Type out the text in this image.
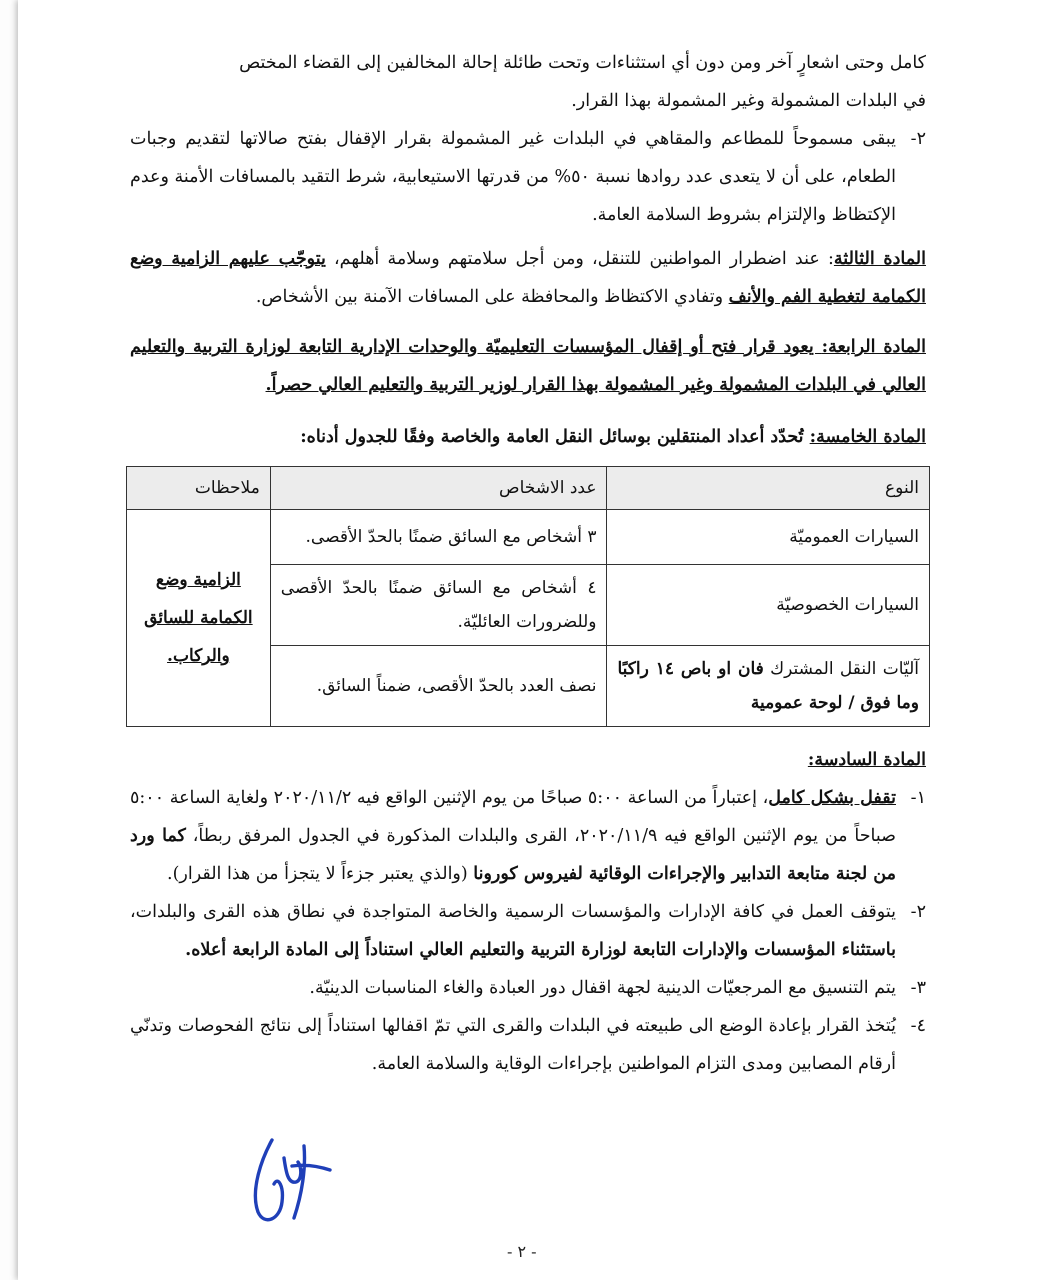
كامل وحتى اشعارٍ آخر ومن دون أي استثناءات وتحت طائلة إحالة المخالفين إلى القضاء المختص

في البلدات المشمولة وغير المشمولة بهذا القرار.

٢-
يبقى مسموحاً للمطاعم والمقاهي في البلدات غير المشمولة بقرار الإقفال بفتح صالاتها لتقديم وجبات الطعام، على أن لا يتعدى عدد روادها نسبة ٥٠% من قدرتها الاستيعابية، شرط التقيد بالمسافات الأمنة وعدم الإكتظاظ والإلتزام بشروط السلامة العامة.

المادة الثالثة: عند اضطرار المواطنين للتنقل، ومن أجل سلامتهم وسلامة أهلهم، يتوجّب عليهم الزامية وضع الكمامة لتغطية الفم والأنف وتفادي الاكتظاظ والمحافظة على المسافات الآمنة بين الأشخاص.

المادة الرابعة: يعود قرار فتح أو إقفال المؤسسات التعليميّة والوحدات الإدارية التابعة لوزارة التربية والتعليم العالي في البلدات المشمولة وغير المشمولة بهذا القرار لوزير التربية والتعليم العالي حصراً.

المادة الخامسة: تُحدّد أعداد المنتقلين بوسائل النقل العامة والخاصة وفقًا للجدول أدناه:

النوع	عدد الاشخاص	ملاحظات
السيارات العموميّة	٣ أشخاص مع السائق ضمنًا بالحدّ الأقصى.	الزامية وضع الكمامة للسائق والركاب.
السيارات الخصوصيّة	٤ أشخاص مع السائق ضمنًا بالحدّ الأقصى وللضرورات العائليّة.	
آليّات النقل المشترك فان او باص ١٤ راكبًا وما فوق / لوحة عمومية	نصف العدد بالحدّ الأقصى، ضمناً السائق.	

المادة السادسة:

١-
تقفل بشكل كامل، إعتباراً من الساعة ٥:٠٠ صباحًا من يوم الإثنين الواقع فيه ٢٠٢٠/١١/٢ ولغاية الساعة ٥:٠٠ صباحاً من يوم الإثنين الواقع فيه ٢٠٢٠/١١/٩، القرى والبلدات المذكورة في الجدول المرفق ربطاً، كما ورد من لجنة متابعة التدابير والإجراءات الوقائية لفيروس كورونا (والذي يعتبر جزءاً لا يتجزأ من هذا القرار).
٢-
يتوقف العمل في كافة الإدارات والمؤسسات الرسمية والخاصة المتواجدة في نطاق هذه القرى والبلدات، باستثناء المؤسسات والإدارات التابعة لوزارة التربية والتعليم العالي استناداً إلى المادة الرابعة أعلاه.
٣-
يتم التنسيق مع المرجعيّات الدينية لجهة اقفال دور العبادة والغاء المناسبات الدينيّة.
٤-
يُتخذ القرار بإعادة الوضع الى طبيعته في البلدات والقرى التي تمّ اقفالها استناداً إلى نتائج الفحوصات وتدنّي أرقام المصابين ومدى التزام المواطنين بإجراءات الوقاية والسلامة العامة.
- ٢ -
